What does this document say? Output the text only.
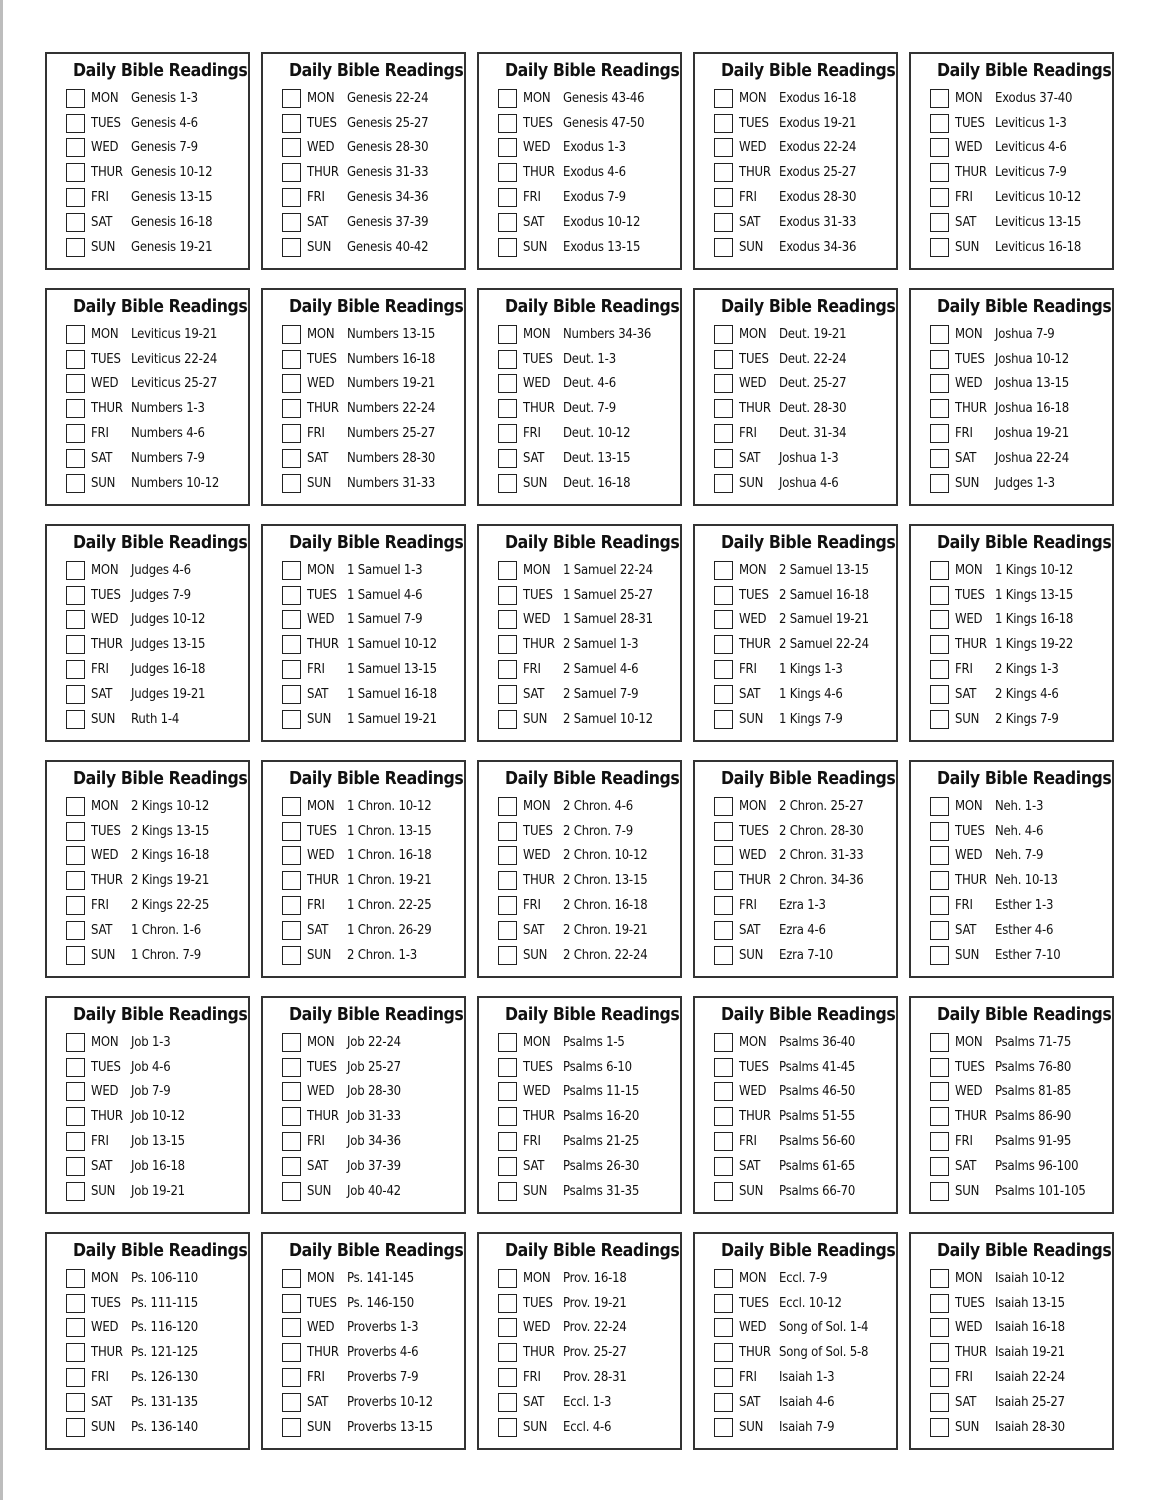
Daily Bible Readings
MON Genesis 1-3
TUES Genesis 4-6
WED Genesis 7-9
THUR Genesis 10-12
FRI	Genesis 13-15
SAT	Genesis 16-18
SUN	Genesis 19-21
Daily Bible Readings
MON Genesis 22-24
TUES Genesis 25-27
WED Genesis 28-30
THUR Genesis 31-33
FRI	Genesis 34-36
SAT	Genesis 37-39
SUN	Genesis 40-42
Daily Bible Readings
MON Genesis 43-46
TUES Genesis 47-50
WED Exodus 1-3
THUR Exodus 4-6
FRI	Exodus 7-9
SAT	Exodus 10-12
SUN	Exodus 13-15
Daily Bible Readings
MON Exodus 16-18
TUES Exodus 19-21
WED Exodus 22-24
THUR Exodus 25-27
FRI	Exodus 28-30
SAT	Exodus 31-33
SUN	Exodus 34-36
Daily Bible Readings
MON Exodus 37-40
TUES Leviticus 1-3
WED Leviticus 4-6
THUR Leviticus 7-9
FRI	Leviticus 10-12
SAT	Leviticus 13-15
SUN	Leviticus 16-18
Daily Bible Readings
MON Leviticus 19-21
TUES Leviticus 22-24
WED Leviticus 25-27
THUR Numbers 1-3
FRI	Numbers 4-6
SAT	Numbers 7-9
SUN	Numbers 10-12
Daily Bible Readings
MON Numbers 13-15
TUES Numbers 16-18
WED Numbers 19-21
THUR Numbers 22-24
FRI	Numbers 25-27
SAT	Numbers 28-30
SUN	Numbers 31-33
Daily Bible Readings
MON Numbers 34-36
TUES Deut. 1-3
WED Deut. 4-6
THUR Deut. 7-9
FRI	Deut. 10-12
SAT	Deut. 13-15
SUN	Deut. 16-18
Daily Bible Readings
MON Deut. 19-21
TUES Deut. 22-24
WED Deut. 25-27
THUR Deut. 28-30
FRI	Deut. 31-34
SAT	Joshua 1-3
SUN	Joshua 4-6
Daily Bible Readings
MON Joshua 7-9
TUES Joshua 10-12
WED Joshua 13-15
THUR Joshua 16-18
FRI	Joshua 19-21
SAT	Joshua 22-24
SUN	Judges 1-3
Daily Bible Readings
MON Judges 4-6
TUES Judges 7-9
WED Judges 10-12
THUR Judges 13-15
FRI	Judges 16-18
SAT	Judges 19-21
SUN	Ruth 1-4
Daily Bible Readings
MON 1 Samuel 1-3
TUES 1 Samuel 4-6
WED 1 Samuel 7-9
THUR 1 Samuel 10-12
FRI	1 Samuel 13-15
SAT	1 Samuel 16-18
SUN	1 Samuel 19-21
Daily Bible Readings
MON 1 Samuel 22-24
TUES 1 Samuel 25-27
WED 1 Samuel 28-31
THUR 2 Samuel 1-3
FRI	2 Samuel 4-6
SAT	2 Samuel 7-9
SUN	2 Samuel 10-12
Daily Bible Readings
MON 2 Samuel 13-15
TUES 2 Samuel 16-18
WED 2 Samuel 19-21
THUR 2 Samuel 22-24
FRI	1 Kings 1-3
SAT	1 Kings 4-6
SUN	1 Kings 7-9
Daily Bible Readings
MON 1 Kings 10-12
TUES 1 Kings 13-15
WED 1 Kings 16-18
THUR 1 Kings 19-22
FRI	2 Kings 1-3
SAT	2 Kings 4-6
SUN	2 Kings 7-9
Daily Bible Readings
MON 2 Kings 10-12
TUES 2 Kings 13-15
WED 2 Kings 16-18
THUR 2 Kings 19-21
FRI	2 Kings 22-25
SAT	1 Chron. 1-6
SUN	1 Chron. 7-9
Daily Bible Readings
MON 1 Chron. 10-12
TUES 1 Chron. 13-15
WED 1 Chron. 16-18
THUR 1 Chron. 19-21
FRI	1 Chron. 22-25
SAT	1 Chron. 26-29
SUN	2 Chron. 1-3
Daily Bible Readings
MON 2 Chron. 4-6
TUES 2 Chron. 7-9
WED 2 Chron. 10-12
THUR 2 Chron. 13-15
FRI	2 Chron. 16-18
SAT	2 Chron. 19-21
SUN	2 Chron. 22-24
Daily Bible Readings
MON 2 Chron. 25-27
TUES 2 Chron. 28-30
WED 2 Chron. 31-33
THUR 2 Chron. 34-36
FRI	Ezra 1-3
SAT	Ezra 4-6
SUN	Ezra 7-10
Daily Bible Readings
MON Neh. 1-3
TUES Neh. 4-6
WED Neh. 7-9
THUR Neh. 10-13
FRI	Esther 1-3
SAT	Esther 4-6
SUN	Esther 7-10
Daily Bible Readings
MON Job 1-3
TUES Job 4-6
WED Job 7-9
THUR Job 10-12
FRI	Job 13-15
SAT	Job 16-18
SUN	Job 19-21
Daily Bible Readings
MON Job 22-24
TUES Job 25-27
WED Job 28-30
THUR Job 31-33
FRI	Job 34-36
SAT	Job 37-39
SUN	Job 40-42
Daily Bible Readings
MON Psalms 1-5
TUES Psalms 6-10
WED Psalms 11-15
THUR Psalms 16-20
FRI	Psalms 21-25
SAT	Psalms 26-30
SUN	Psalms 31-35
Daily Bible Readings
MON Psalms 36-40
TUES Psalms 41-45
WED Psalms 46-50
THUR Psalms 51-55
FRI	Psalms 56-60
SAT	Psalms 61-65
SUN	Psalms 66-70
Daily Bible Readings
MON Psalms 71-75
TUES Psalms 76-80
WED Psalms 81-85
THUR Psalms 86-90
FRI	Psalms 91-95
SAT	Psalms 96-100
SUN	Psalms 101-105
Daily Bible Readings
MON Ps. 106-110
TUES Ps. 111-115
WED Ps. 116-120
THUR Ps. 121-125
FRI	Ps. 126-130
SAT	Ps. 131-135
SUN	Ps. 136-140
Daily Bible Readings
MON Ps. 141-145
TUES Ps. 146-150
WED Proverbs 1-3
THUR Proverbs 4-6
FRI	Proverbs 7-9
SAT	Proverbs 10-12
SUN	Proverbs 13-15
Daily Bible Readings
MON Prov. 16-18
TUES Prov. 19-21
WED Prov. 22-24
THUR Prov. 25-27
FRI	Prov. 28-31
SAT	Eccl. 1-3
SUN	Eccl. 4-6
Daily Bible Readings
MON Eccl. 7-9
TUES Eccl. 10-12
WED Song of Sol. 1-4
THUR Song of Sol. 5-8
FRI	Isaiah 1-3
SAT	Isaiah 4-6
SUN	Isaiah 7-9
Daily Bible Readings
MON Isaiah 10-12
TUES Isaiah 13-15
WED Isaiah 16-18
THUR Isaiah 19-21
FRI	Isaiah 22-24
SAT	Isaiah 25-27
SUN	Isaiah 28-30
